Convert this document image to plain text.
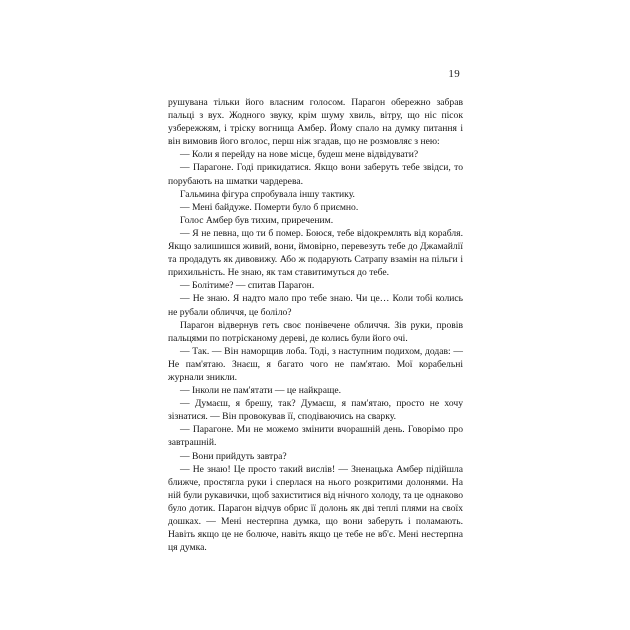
19

рушувана тільки його власним голосом. Парагон обережно забрав пальці з вух. Жодного звуку, крім шуму хвиль, вітру, що ніс пісок узбережжям, і тріску вогнища Амбер. Йому спало на думку питання і він вимовив його вголос, перш ніж згадав, що не розмовляє з нею:

— Коли я перейду на нове місце, будеш мене відвідувати?

— Парагоне. Годі прикидатися. Якщо вони заберуть тебе звідси, то порубають на шматки чардерева.

Гальмина фігура спробувала іншу тактику.

— Мені байдуже. Померти було б приємно.

Голос Амбер був тихим, приреченим.

— Я не певна, що ти б помер. Боюся, тебе відокремлять від корабля. Якщо залишишся живий, вони, ймовірно, перевезуть тебе до Джамайлії та продадуть як дивовижу. Або ж подарують Сатрапу взамін на пільги і прихильність. Не знаю, як там ставитимуться до тебе.

— Болітиме? — спитав Парагон.

— Не знаю. Я надто мало про тебе знаю. Чи це… Коли тобі колись не рубали обличчя, це боліло?

Парагон відвернув геть своє понівечене обличчя. Зів руки, провів пальцями по потрісканому дереві, де колись були його очі.

— Так. — Він наморщив лоба. Тоді, з наступним подихом, додав: — Не пам'ятаю. Знаєш, я багато чого не пам'ятаю. Мої корабельні журнали зникли.

— Інколи не пам'ятати — це найкраще.

— Думаєш, я брешу, так? Думаєш, я пам'ятаю, просто не хочу зізнатися. — Він провокував її, сподіваючись на сварку.

— Парагоне. Ми не можемо змінити вчорашній день. Говорімо про завтрашній.

— Вони прийдуть завтра?

— Не знаю! Це просто такий вислів! — Зненацька Амбер підійшла ближче, простягла руки і сперлася на нього розкритими долонями. На ній були рукавички, щоб захиститися від нічного холоду, та це однаково було дотик. Парагон відчув обрис її долонь як дві теплі плями на своїх дошках. — Мені нестерпна думка, що вони заберуть і поламають. Навіть якщо це не болюче, навіть якщо це тебе не вб'є. Мені нестерпна ця думка.
